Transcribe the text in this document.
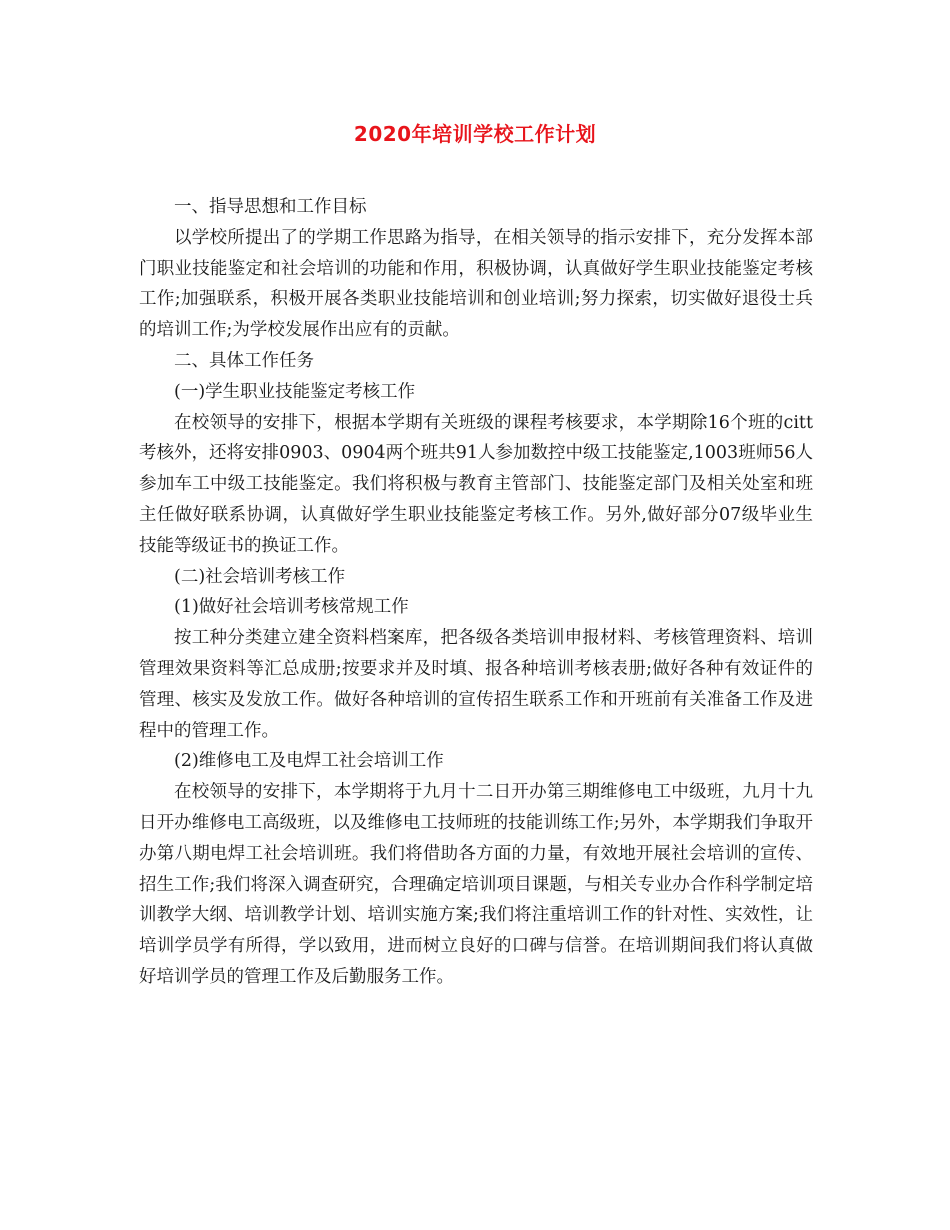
2020年培训学校工作计划

一、指导思想和工作目标

以学校所提出了的学期工作思路为指导，在相关领导的指示安排下，充分发挥本部门职业技能鉴定和社会培训的功能和作用，积极协调，认真做好学生职业技能鉴定考核工作;加强联系，积极开展各类职业技能培训和创业培训;努力探索，切实做好退役士兵的培训工作;为学校发展作出应有的贡献。

二、具体工作任务

(一)学生职业技能鉴定考核工作

在校领导的安排下，根据本学期有关班级的课程考核要求，本学期除16个班的citt考核外，还将安排0903、0904两个班共91人参加数控中级工技能鉴定,1003班师56人参加车工中级工技能鉴定。我们将积极与教育主管部门、技能鉴定部门及相关处室和班主任做好联系协调，认真做好学生职业技能鉴定考核工作。另外,做好部分07级毕业生技能等级证书的换证工作。

(二)社会培训考核工作

(1)做好社会培训考核常规工作

按工种分类建立建全资料档案库，把各级各类培训申报材料、考核管理资料、培训管理效果资料等汇总成册;按要求并及时填、报各种培训考核表册;做好各种有效证件的管理、核实及发放工作。做好各种培训的宣传招生联系工作和开班前有关准备工作及进程中的管理工作。

(2)维修电工及电焊工社会培训工作

在校领导的安排下，本学期将于九月十二日开办第三期维修电工中级班，九月十九日开办维修电工高级班，以及维修电工技师班的技能训练工作;另外，本学期我们争取开办第八期电焊工社会培训班。我们将借助各方面的力量，有效地开展社会培训的宣传、招生工作;我们将深入调查研究，合理确定培训项目课题，与相关专业办合作科学制定培训教学大纲、培训教学计划、培训实施方案;我们将注重培训工作的针对性、实效性，让培训学员学有所得，学以致用，进而树立良好的口碑与信誉。在培训期间我们将认真做好培训学员的管理工作及后勤服务工作。
